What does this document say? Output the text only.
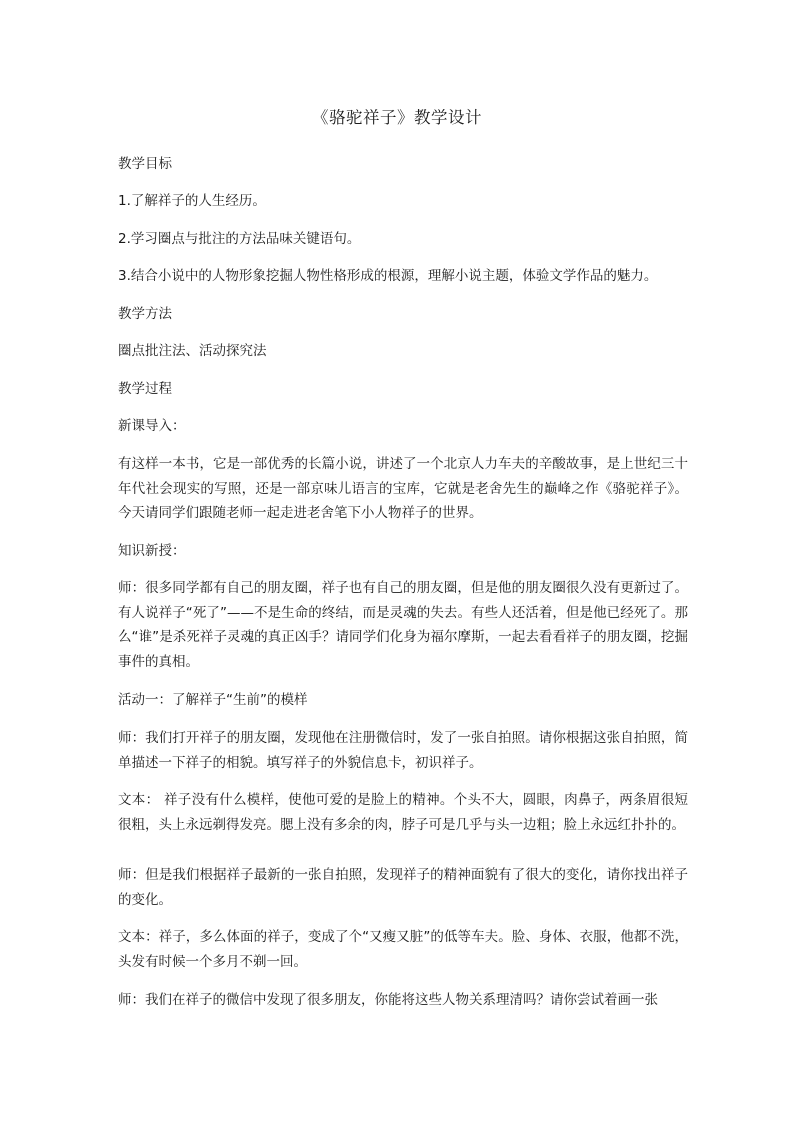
《骆驼祥子》教学设计

教学目标

1.了解祥子的人生经历。

2.学习圈点与批注的方法品味关键语句。

3.结合小说中的人物形象挖掘人物性格形成的根源，理解小说主题，体验文学作品的魅力。

教学方法

圈点批注法、活动探究法

教学过程

新课导入：

有这样一本书，它是一部优秀的长篇小说，讲述了一个北京人力车夫的辛酸故事，是上世纪三十年代社会现实的写照，还是一部京味儿语言的宝库，它就是老舍先生的巅峰之作《骆驼祥子》。今天请同学们跟随老师一起走进老舍笔下小人物祥子的世界。

知识新授：

师：很多同学都有自己的朋友圈，祥子也有自己的朋友圈，但是他的朋友圈很久没有更新过了。有人说祥子“死了”——不是生命的终结，而是灵魂的失去。有些人还活着，但是他已经死了。那么“谁”是杀死祥子灵魂的真正凶手？请同学们化身为福尔摩斯，一起去看看祥子的朋友圈，挖掘事件的真相。

活动一：了解祥子“生前”的模样

师：我们打开祥子的朋友圈，发现他在注册微信时，发了一张自拍照。请你根据这张自拍照，简单描述一下祥子的相貌。填写祥子的外貌信息卡，初识祥子。

文本： 祥子没有什么模样，使他可爱的是脸上的精神。个头不大，圆眼，肉鼻子，两条眉很短很粗，头上永远剃得发亮。腮上没有多余的肉，脖子可是几乎与头一边粗；脸上永远红扑扑的。

师：但是我们根据祥子最新的一张自拍照，发现祥子的精神面貌有了很大的变化，请你找出祥子的变化。

文本：祥子，多么体面的祥子，变成了个“又瘦又脏”的低等车夫。脸、身体、衣服，他都不洗，头发有时候一个多月不剃一回。

师：我们在祥子的微信中发现了很多朋友，你能将这些人物关系理清吗？请你尝试着画一张
